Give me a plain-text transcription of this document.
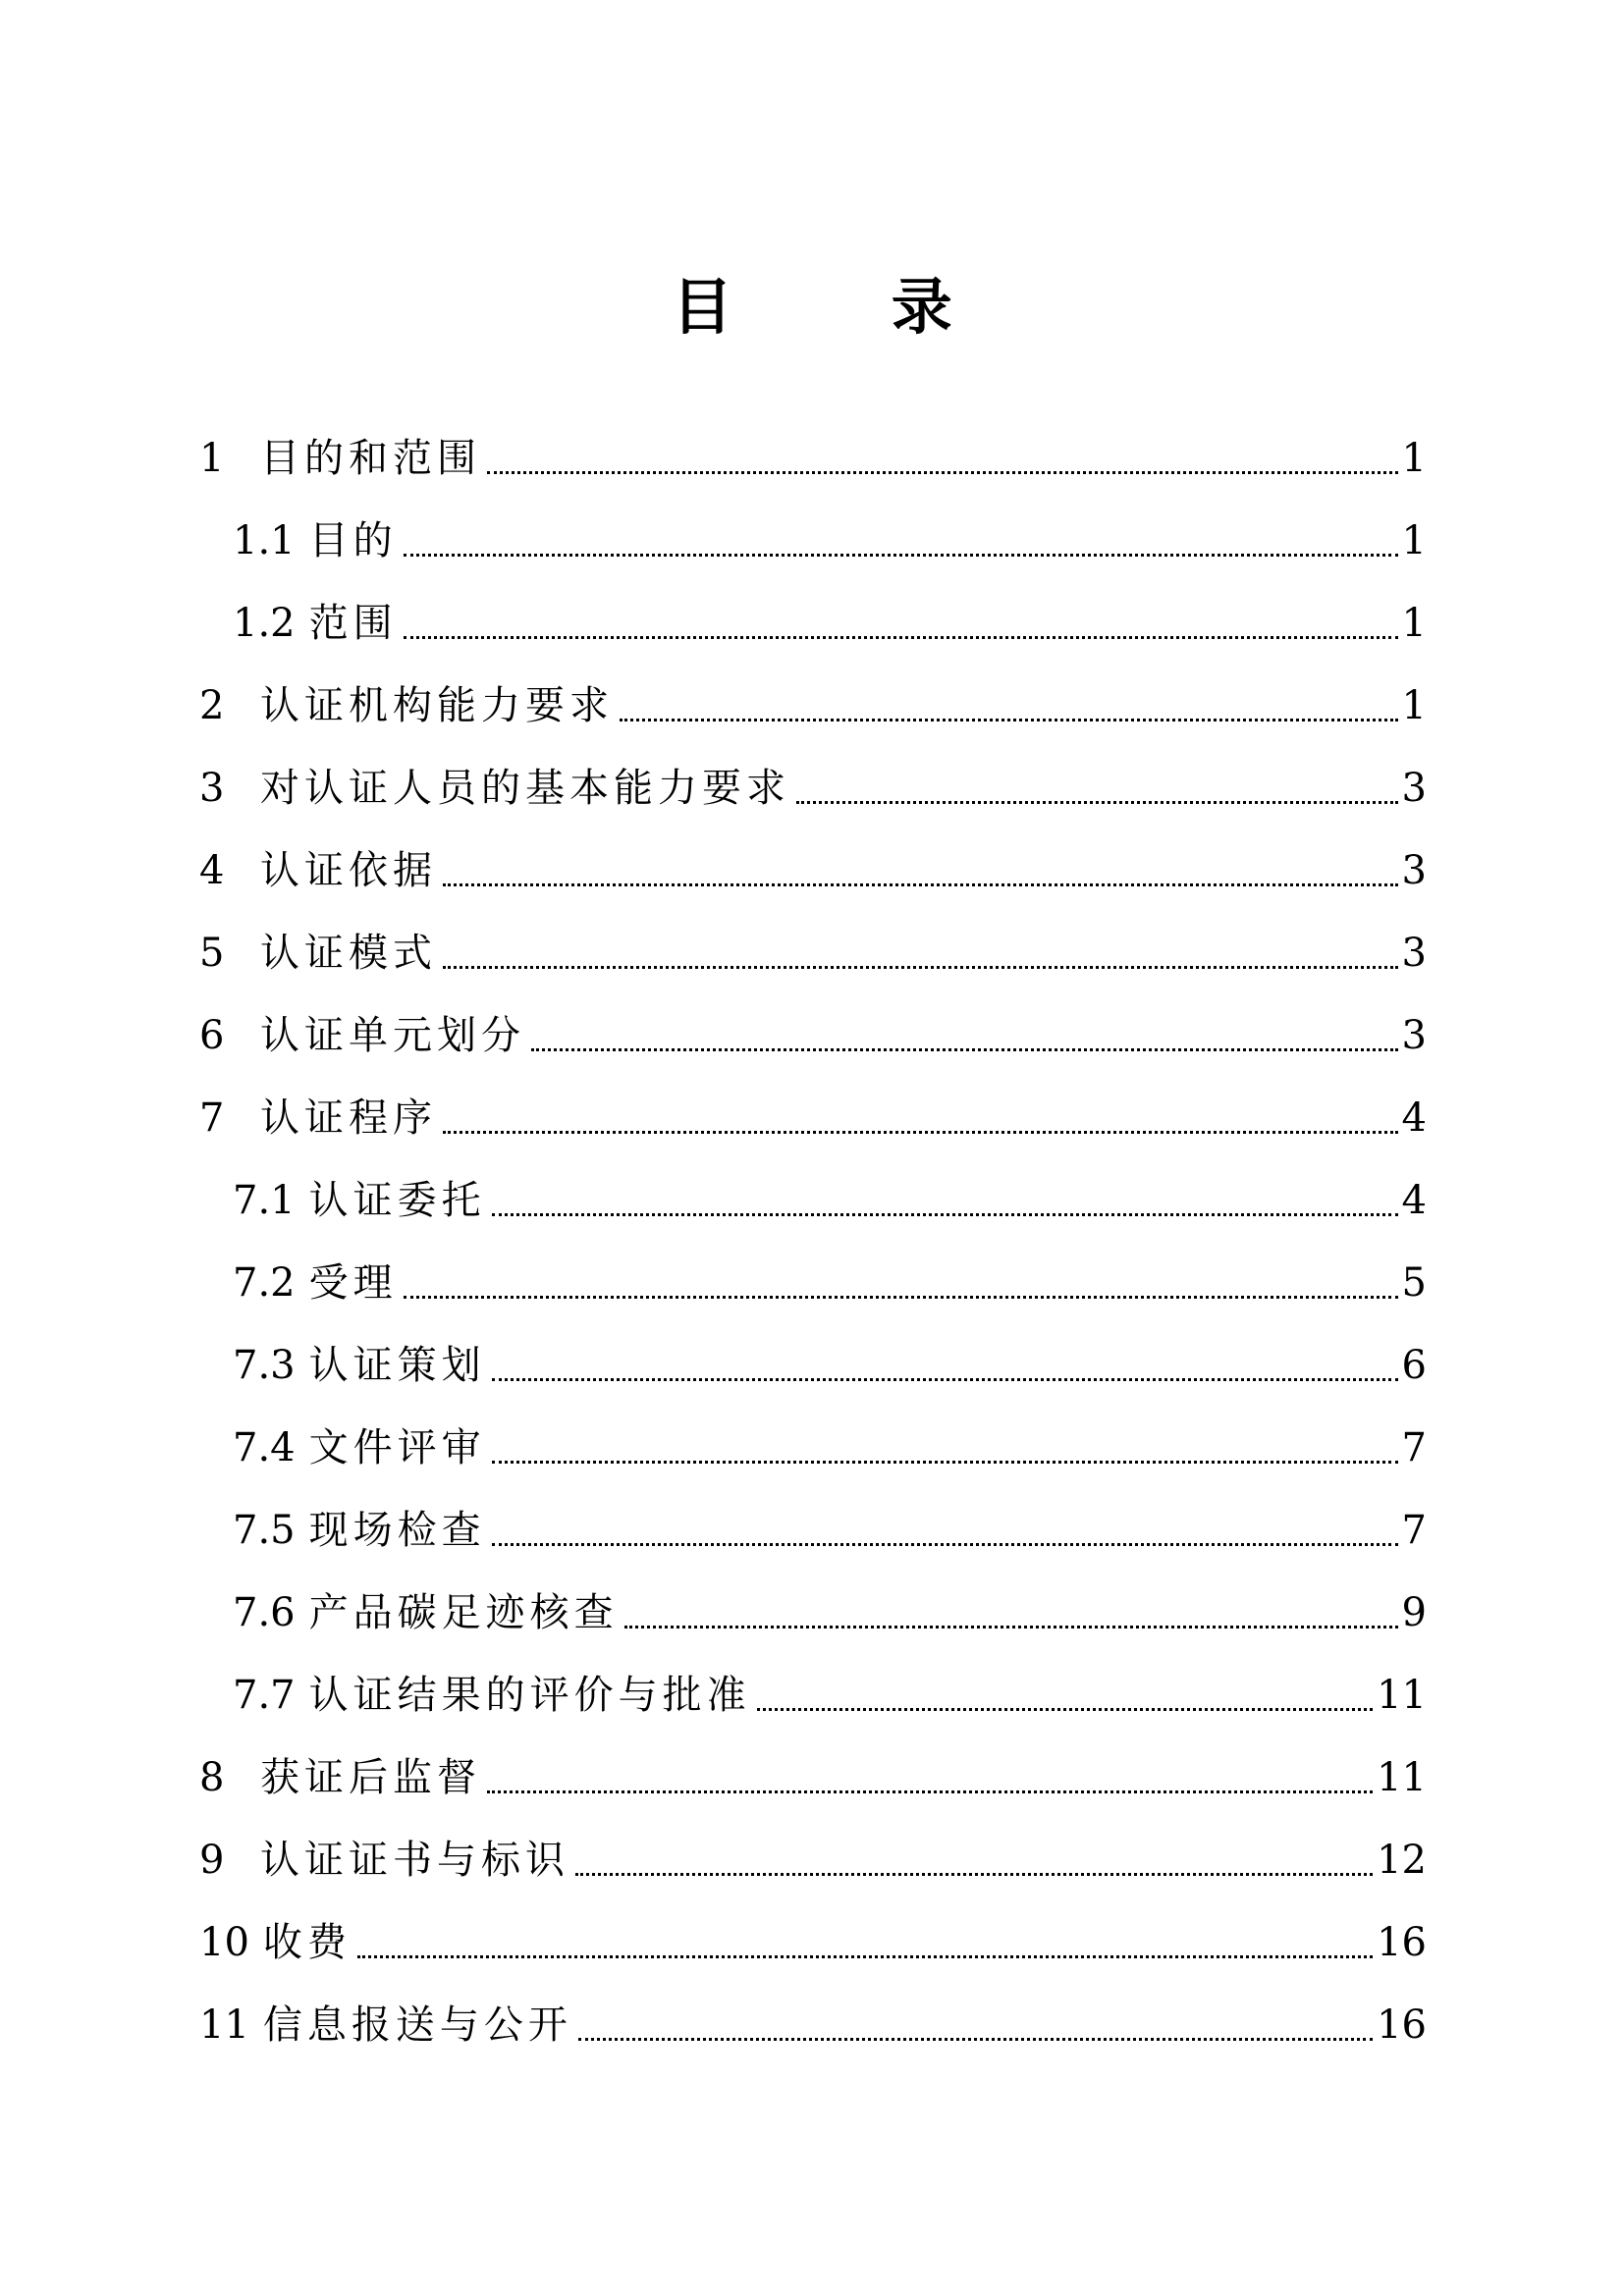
目 录
1 目的和范围	1
1.1 目的	1
1.2 范围	1
2 认证机构能力要求	1
3 对认证人员的基本能力要求	3
4 认证依据	3
5 认证模式	3
6 认证单元划分	3
7 认证程序	4
7.1 认证委托	4
7.2 受理	5
7.3 认证策划	6
7.4 文件评审	7
7.5 现场检查	7
7.6 产品碳足迹核查	9
7.7 认证结果的评价与批准	11
8 获证后监督	11
9 认证证书与标识	12
10 收费	16
11 信息报送与公开	16
